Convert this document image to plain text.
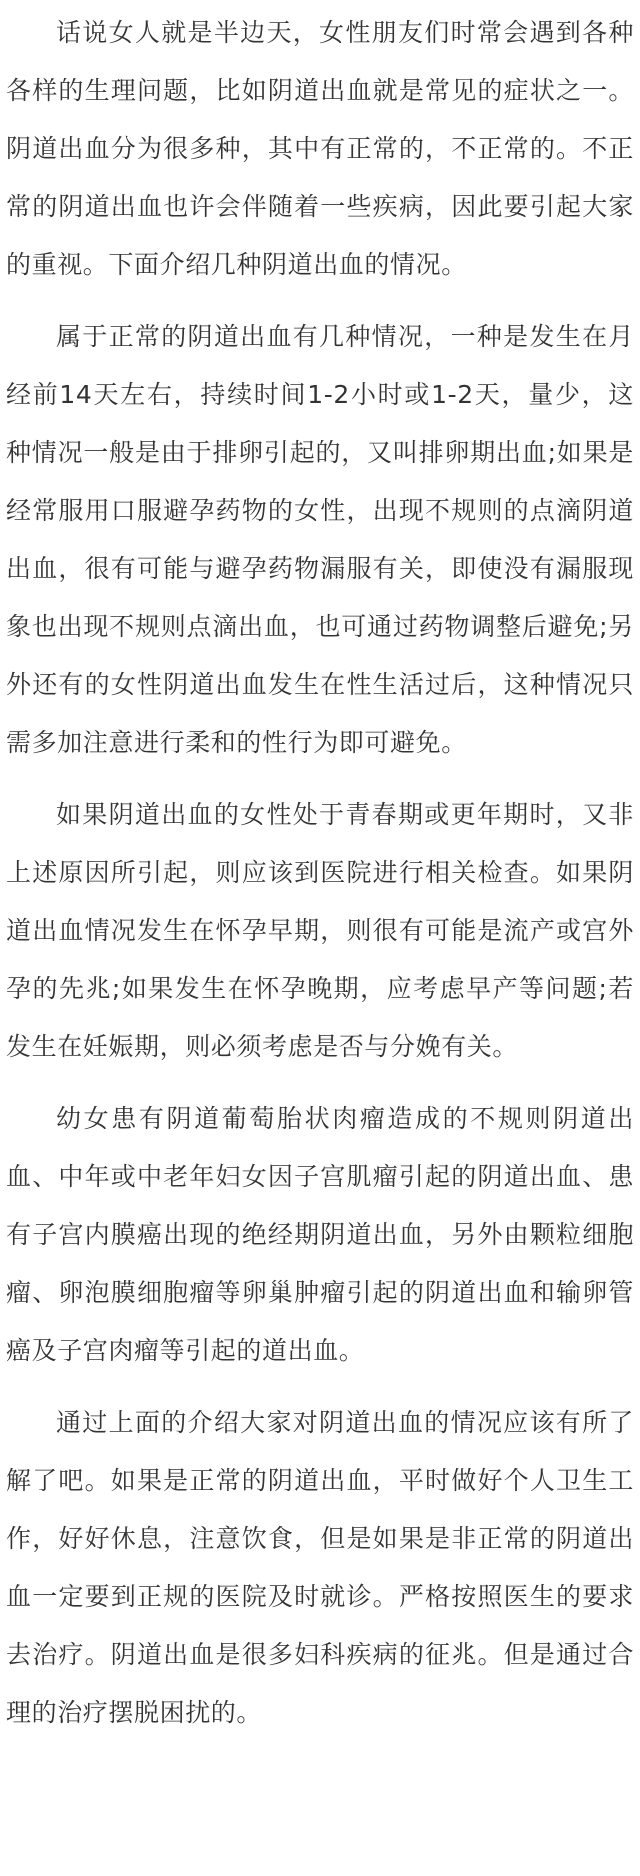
话说女人就是半边天，女性朋友们时常会遇到各种各样的生理问题，比如阴道出血就是常见的症状之一。阴道出血分为很多种，其中有正常的，不正常的。不正常的阴道出血也许会伴随着一些疾病，因此要引起大家的重视。下面介绍几种阴道出血的情况。

属于正常的阴道出血有几种情况，一种是发生在月经前14天左右，持续时间1-2小时或1-2天，量少，这种情况一般是由于排卵引起的，又叫排卵期出血;如果是经常服用口服避孕药物的女性，出现不规则的点滴阴道出血，很有可能与避孕药物漏服有关，即使没有漏服现象也出现不规则点滴出血，也可通过药物调整后避免;另外还有的女性阴道出血发生在性生活过后，这种情况只需多加注意进行柔和的性行为即可避免。

如果阴道出血的女性处于青春期或更年期时，又非上述原因所引起，则应该到医院进行相关检查。如果阴道出血情况发生在怀孕早期，则很有可能是流产或宫外孕的先兆;如果发生在怀孕晚期，应考虑早产等问题;若发生在妊娠期，则必须考虑是否与分娩有关。

幼女患有阴道葡萄胎状肉瘤造成的不规则阴道出血、中年或中老年妇女因子宫肌瘤引起的阴道出血、患有子宫内膜癌出现的绝经期阴道出血，另外由颗粒细胞瘤、卵泡膜细胞瘤等卵巢肿瘤引起的阴道出血和输卵管癌及子宫肉瘤等引起的道出血。

通过上面的介绍大家对阴道出血的情况应该有所了解了吧。如果是正常的阴道出血，平时做好个人卫生工作，好好休息，注意饮食，但是如果是非正常的阴道出血一定要到正规的医院及时就诊。严格按照医生的要求去治疗。阴道出血是很多妇科疾病的征兆。但是通过合理的治疗摆脱困扰的。
